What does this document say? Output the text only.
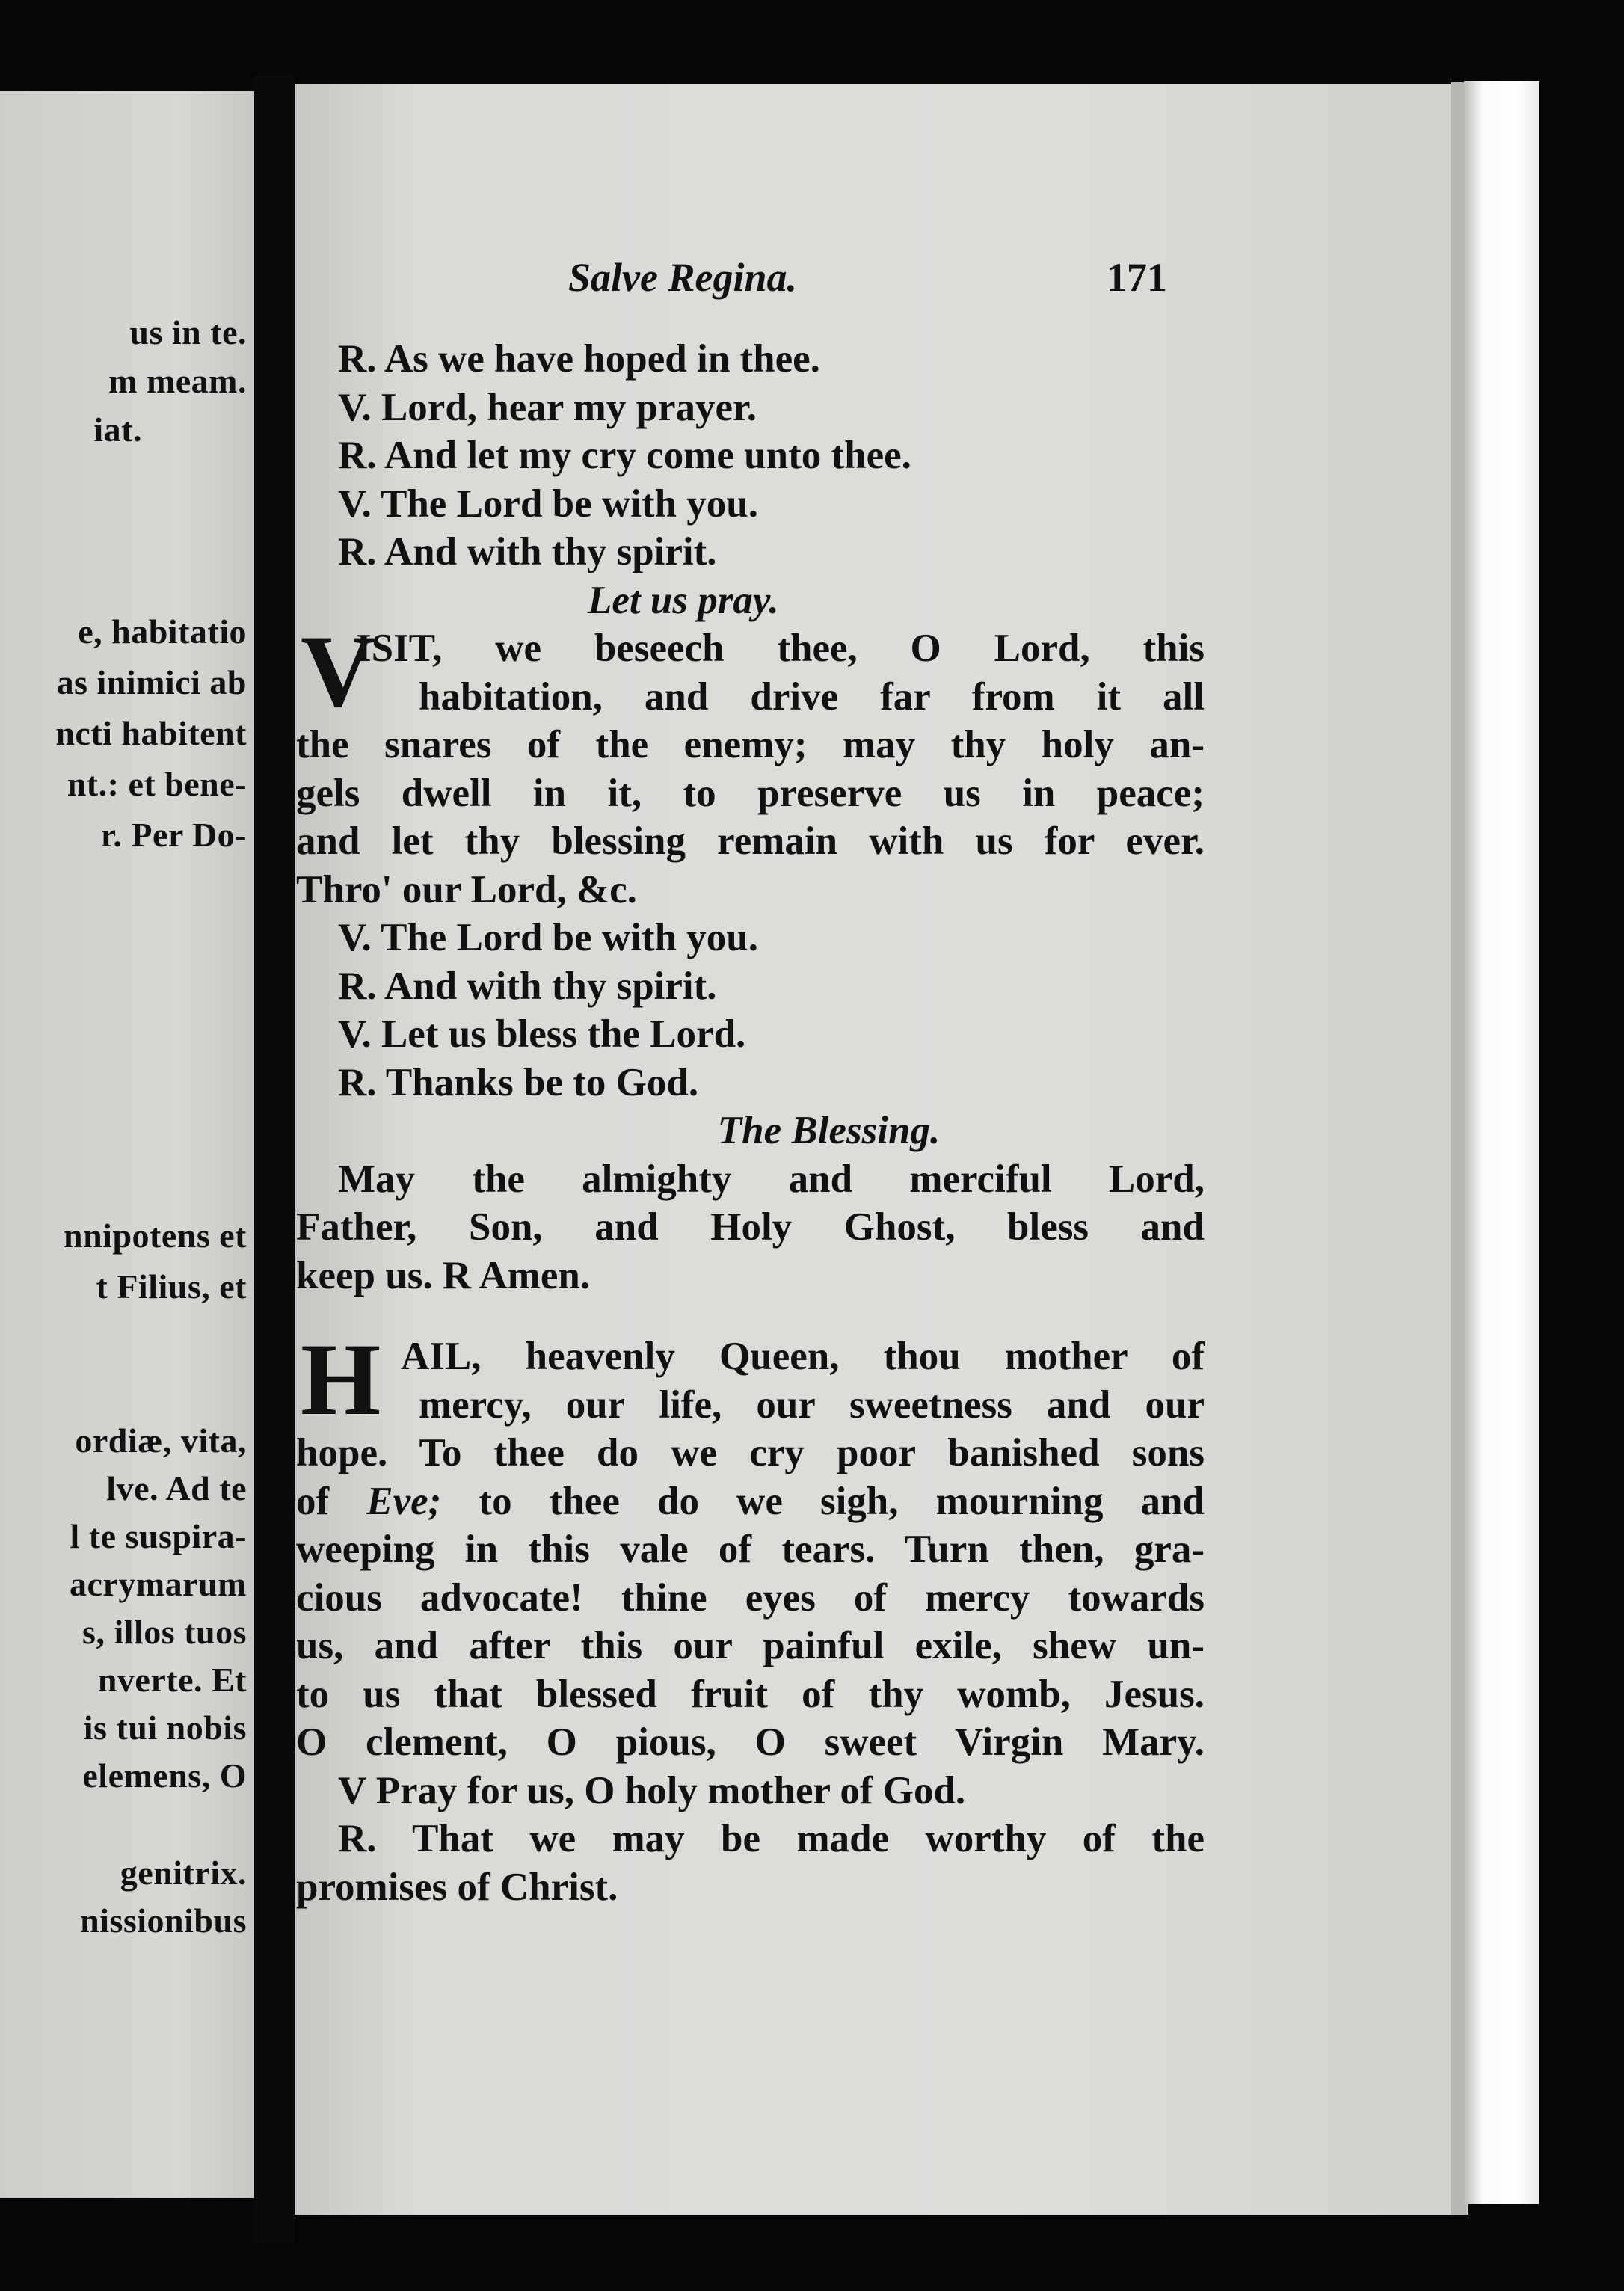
us in te.
m meam.
iat.
e, habitatio
as inimici ab
ncti habitent
nt.: et bene-
r. Per Do-
nnipotens et
t Filius, et
ordiæ, vita,
lve. Ad te
l te suspira-
acrymarum
s, illos tuos
nverte. Et
is tui nobis
elemens, O
genitrix.
nissionibus
Salve Regina.	171
R. As we have hoped in thee.
V. Lord, hear my prayer.
R. And let my cry come unto thee.
V. The Lord be with you.
R. And with thy spirit.
Let us pray.
V
ISIT, we beseech thee, O Lord, this
habitation, and drive far from it all
the snares of the enemy; may thy holy an-
gels dwell in it, to preserve us in peace;
and let thy blessing remain with us for ever.
Thro' our Lord, &c.
V. The Lord be with you.
R. And with thy spirit.
V. Let us bless the Lord.
R. Thanks be to God.
The Blessing.
May the almighty and merciful Lord,
Father, Son, and Holy Ghost, bless and
keep us. R Amen.
H AIL, heavenly Queen, thou mother of
mercy, our life, our sweetness and our
hope. To thee do we cry poor banished sons
of Eve; to thee do we sigh, mourning and
weeping in this vale of tears. Turn then, gra-
cious advocate! thine eyes of mercy towards
us, and after this our painful exile, shew un-
to us that blessed fruit of thy womb, Jesus.
O clement, O pious, O sweet Virgin Mary.
V Pray for us, O holy mother of God.
R. That we may be made worthy of the
promises of Christ.
